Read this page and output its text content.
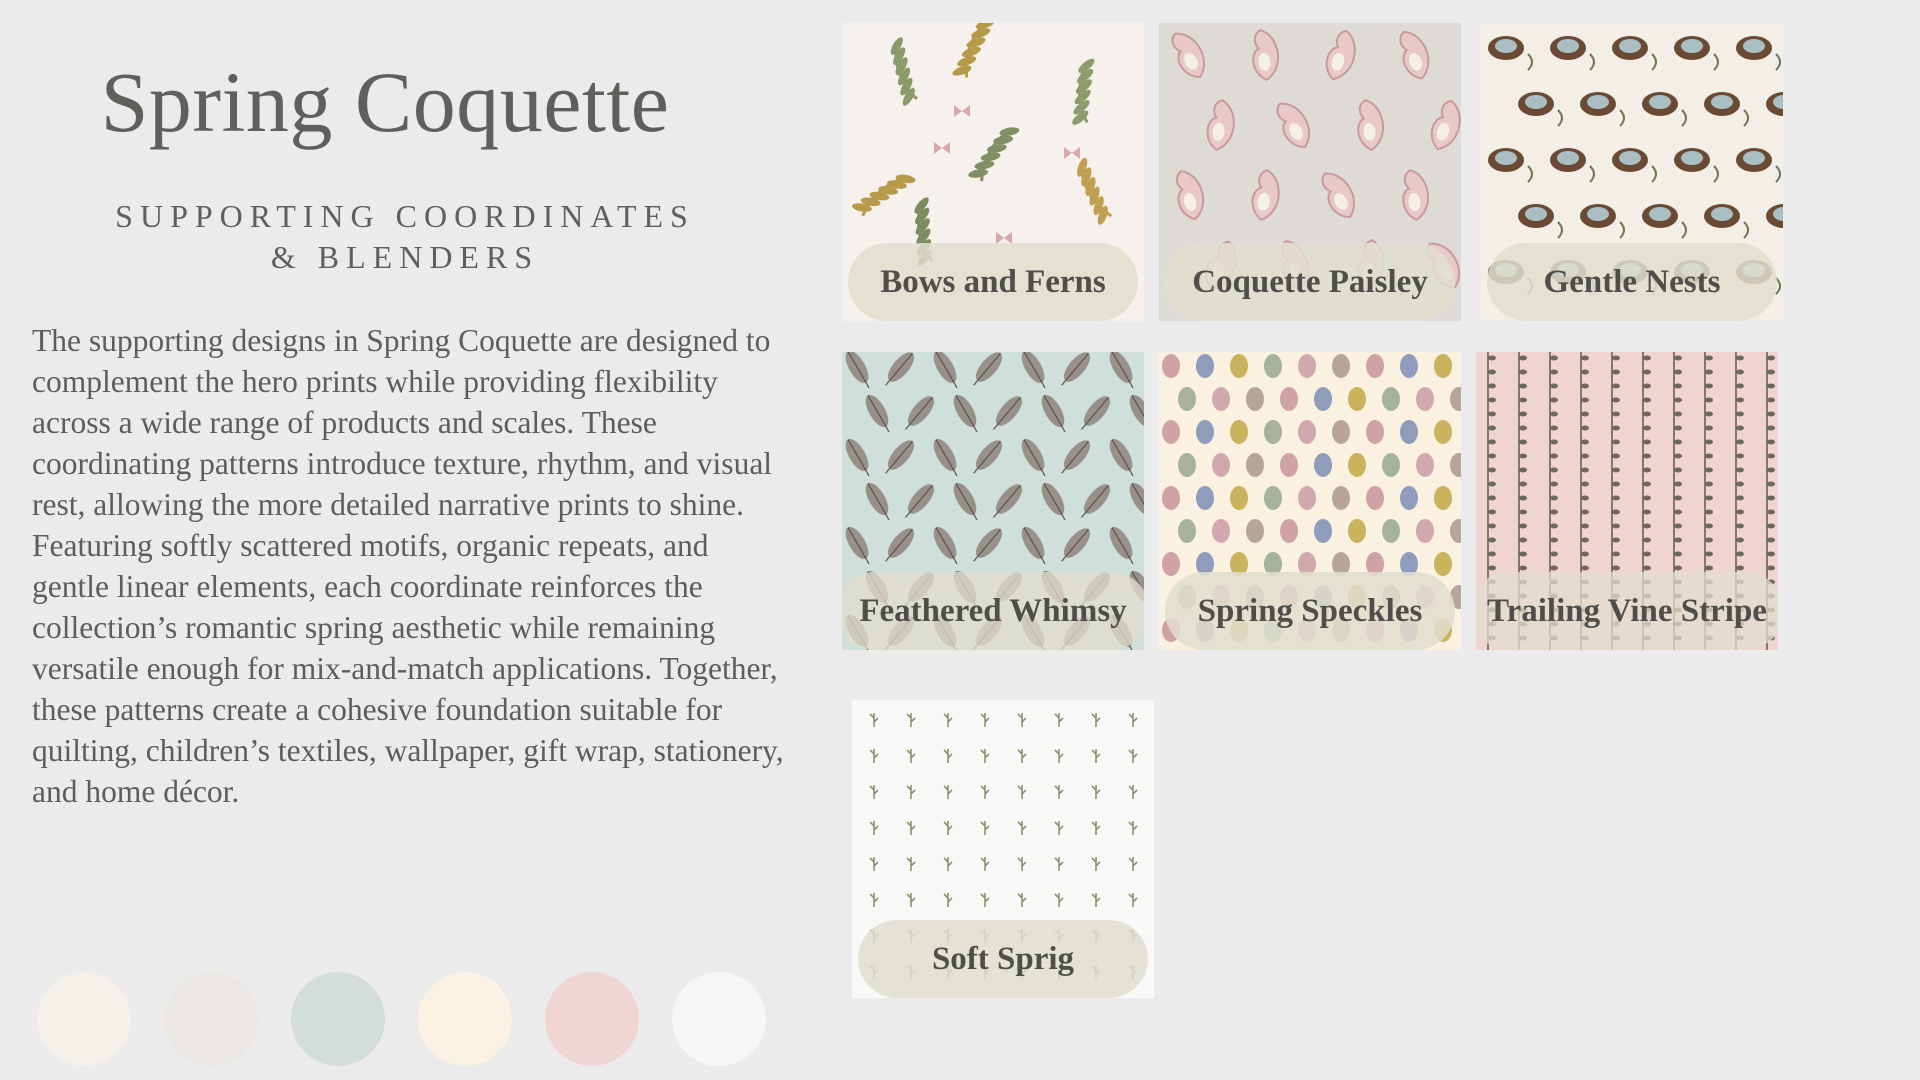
Spring Coquette
SUPPORTING COORDINATES
& BLENDERS

The supporting designs in Spring Coquette are designed to complement the hero prints while providing flexibility across a wide range of products and scales. These coordinating patterns introduce texture, rhythm, and visual rest, allowing the more detailed narrative prints to shine.

Featuring softly scattered motifs, organic repeats, and gentle linear elements, each coordinate reinforces the collection’s romantic spring aesthetic while remaining versatile enough for mix-and-match applications. Together, these patterns create a cohesive foundation suitable for quilting, children’s textiles, wallpaper, gift wrap, stationery, and home décor.

Bows and Ferns	Coquette Paisley	Gentle Nests
Feathered Whimsy	Spring Speckles	Trailing Vine Stripe
Soft Sprig
